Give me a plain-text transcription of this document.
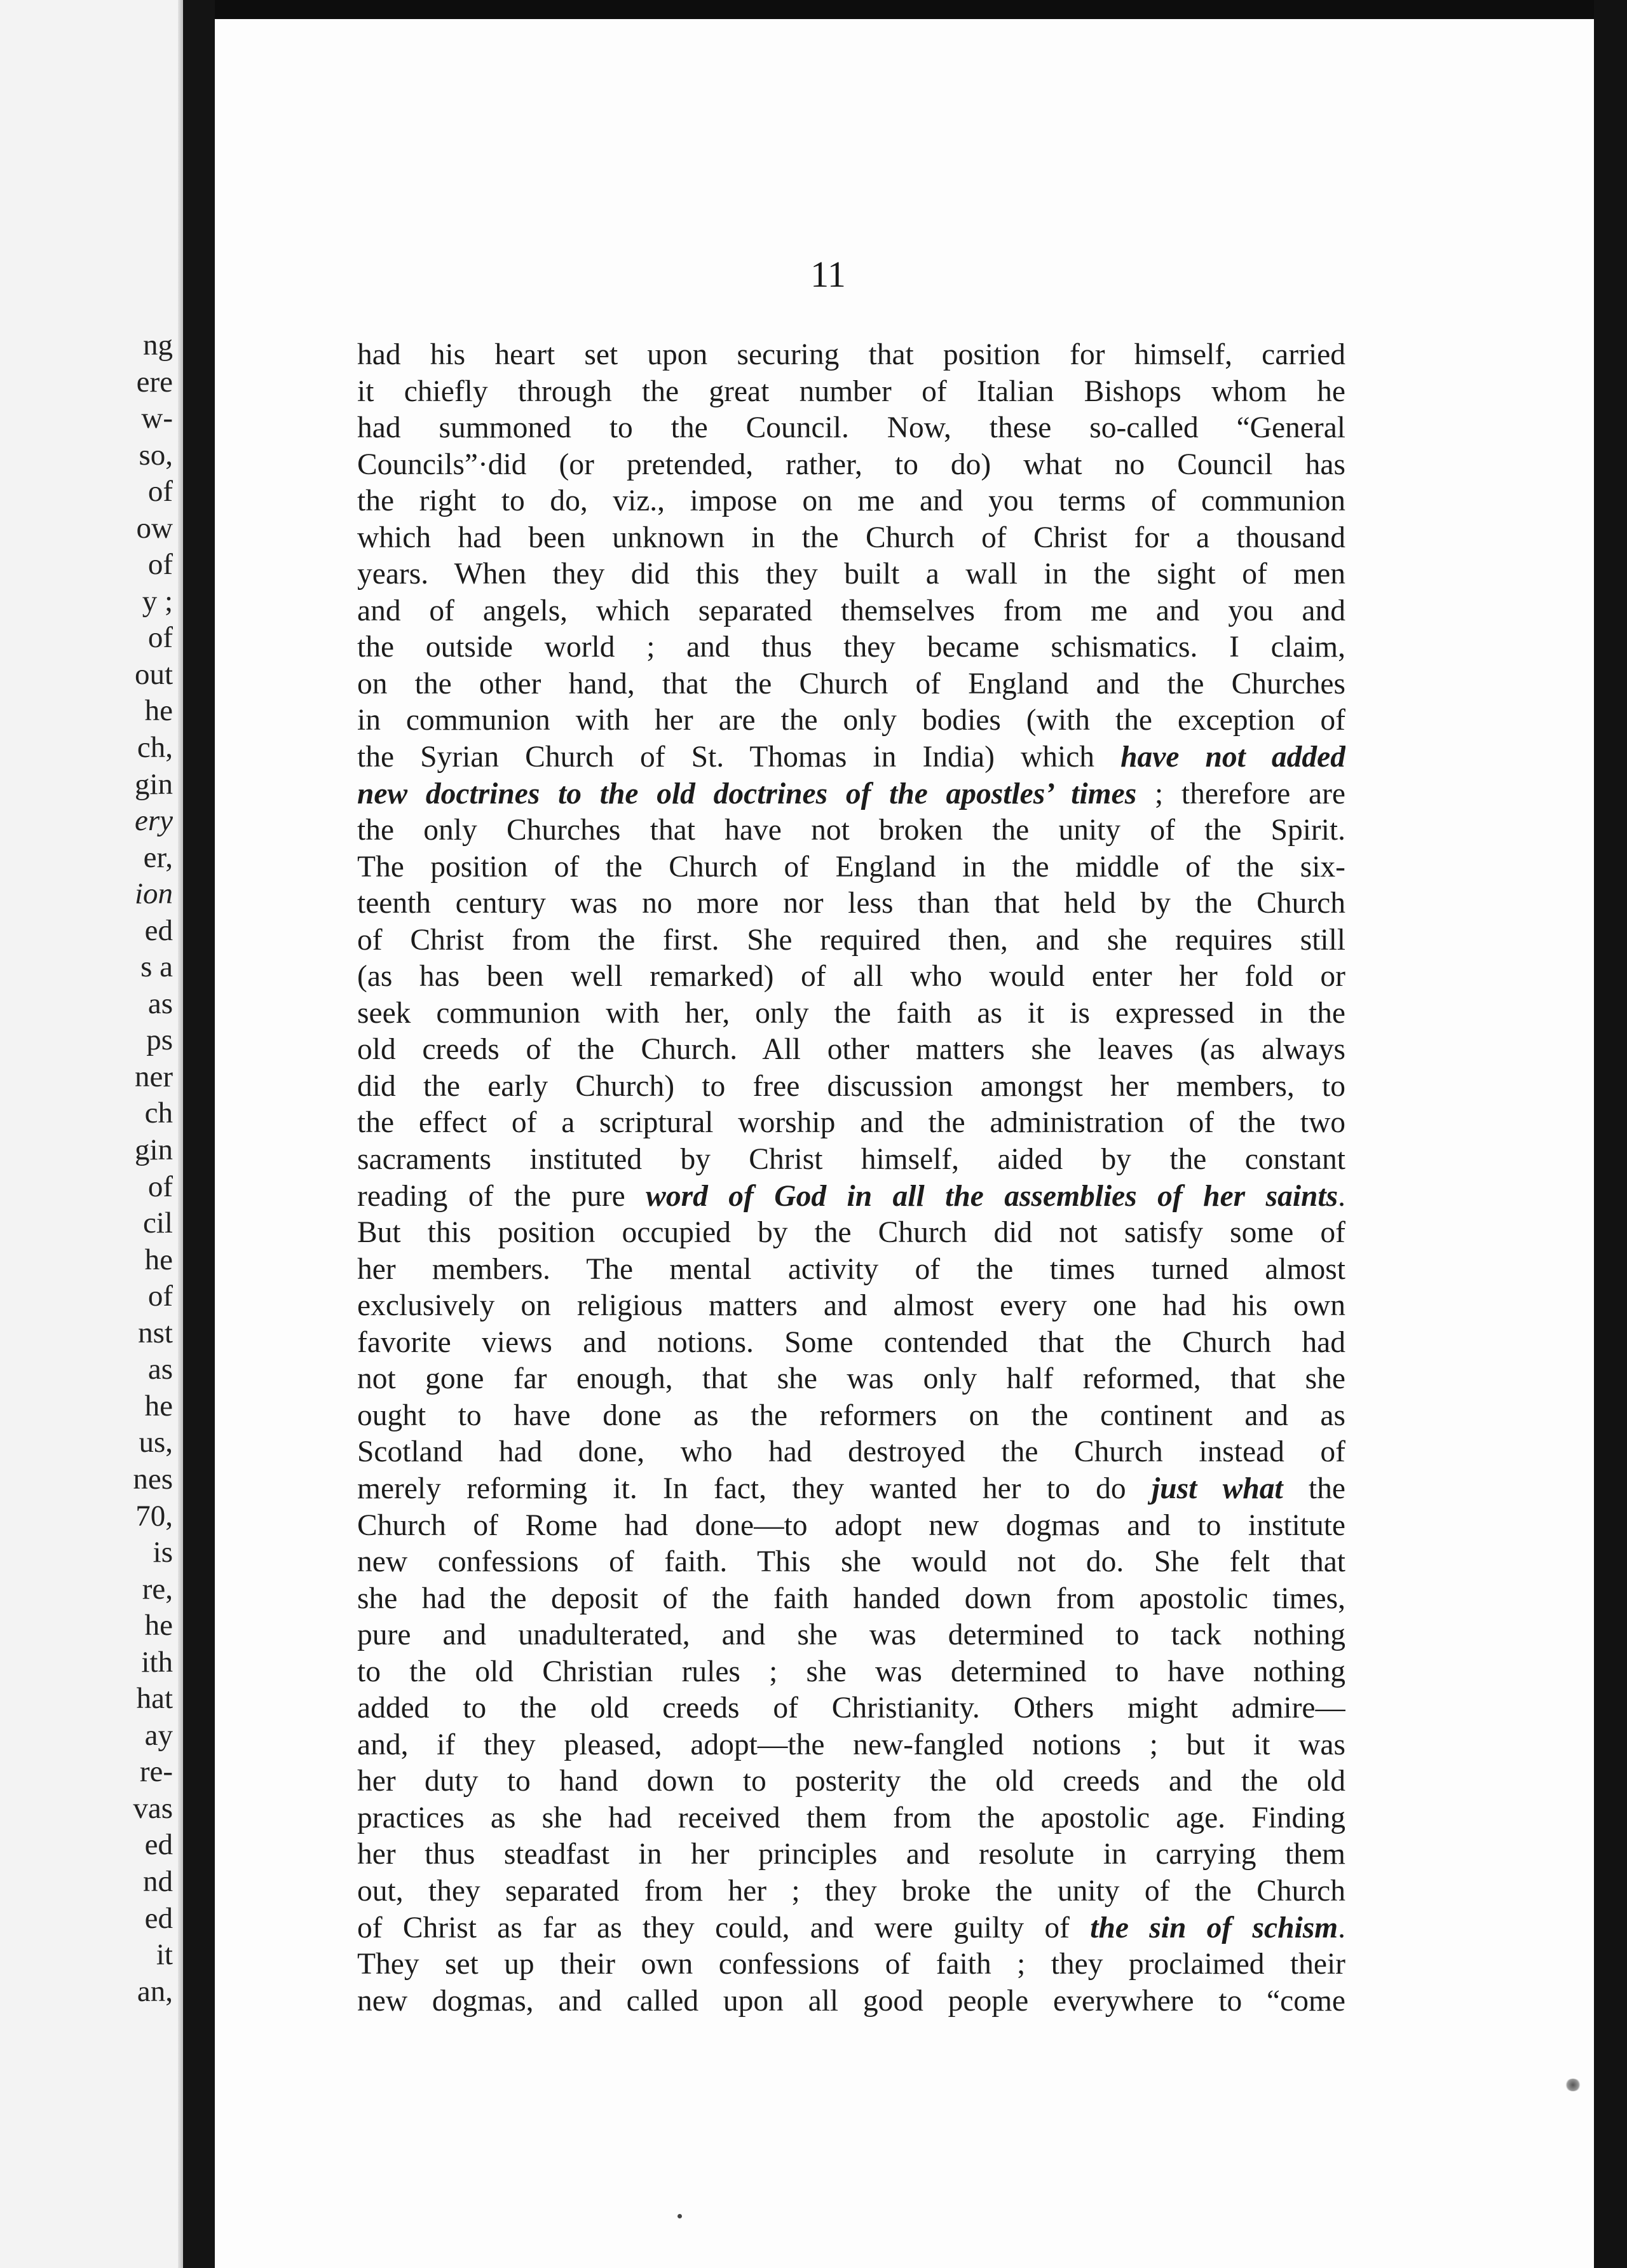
ng
ere
w-
so,
of
ow
of
y ;
of
out
he
ch,
gin
ery
er,
ion
ed
s a
as
ps
ner
ch
gin
of
cil
he
of
nst
as
he
us,
nes
70,
is
re,
he
ith
hat
ay
re-
vas
ed
nd
ed
it
an,
11
had his heart set upon securing that position for himself, carried
it chiefly through the great number of Italian Bishops whom he
had summoned to the Council. Now, these so-called “General
Councils”·did (or pretended, rather, to do) what no Council has
the right to do, viz., impose on me and you terms of communion
which had been unknown in the Church of Christ for a thousand
years. When they did this they built a wall in the sight of men
and of angels, which separated themselves from me and you and
the outside world ; and thus they became schismatics. I claim,
on the other hand, that the Church of England and the Churches
in communion with her are the only bodies (with the exception of
the Syrian Church of St. Thomas in India) which have not added
new doctrines to the old doctrines of the apostles’ times ; therefore are
the only Churches that have not broken the unity of the Spirit.
The position of the Church of England in the middle of the six-
teenth century was no more nor less than that held by the Church
of Christ from the first. She required then, and she requires still
(as has been well remarked) of all who would enter her fold or
seek communion with her, only the faith as it is expressed in the
old creeds of the Church. All other matters she leaves (as always
did the early Church) to free discussion amongst her members, to
the effect of a scriptural worship and the administration of the two
sacraments instituted by Christ himself, aided by the constant
reading of the pure word of God in all the assemblies of her saints.
But this position occupied by the Church did not satisfy some of
her members. The mental activity of the times turned almost
exclusively on religious matters and almost every one had his own
favorite views and notions. Some contended that the Church had
not gone far enough, that she was only half reformed, that she
ought to have done as the reformers on the continent and as
Scotland had done, who had destroyed the Church instead of
merely reforming it. In fact, they wanted her to do just what the
Church of Rome had done—to adopt new dogmas and to institute
new confessions of faith. This she would not do. She felt that
she had the deposit of the faith handed down from apostolic times,
pure and unadulterated, and she was determined to tack nothing
to the old Christian rules ; she was determined to have nothing
added to the old creeds of Christianity. Others might admire—
and, if they pleased, adopt—the new-fangled notions ; but it was
her duty to hand down to posterity the old creeds and the old
practices as she had received them from the apostolic age. Finding
her thus steadfast in her principles and resolute in carrying them
out, they separated from her ; they broke the unity of the Church
of Christ as far as they could, and were guilty of the sin of schism.
They set up their own confessions of faith ; they proclaimed their
new dogmas, and called upon all good people everywhere to “come
